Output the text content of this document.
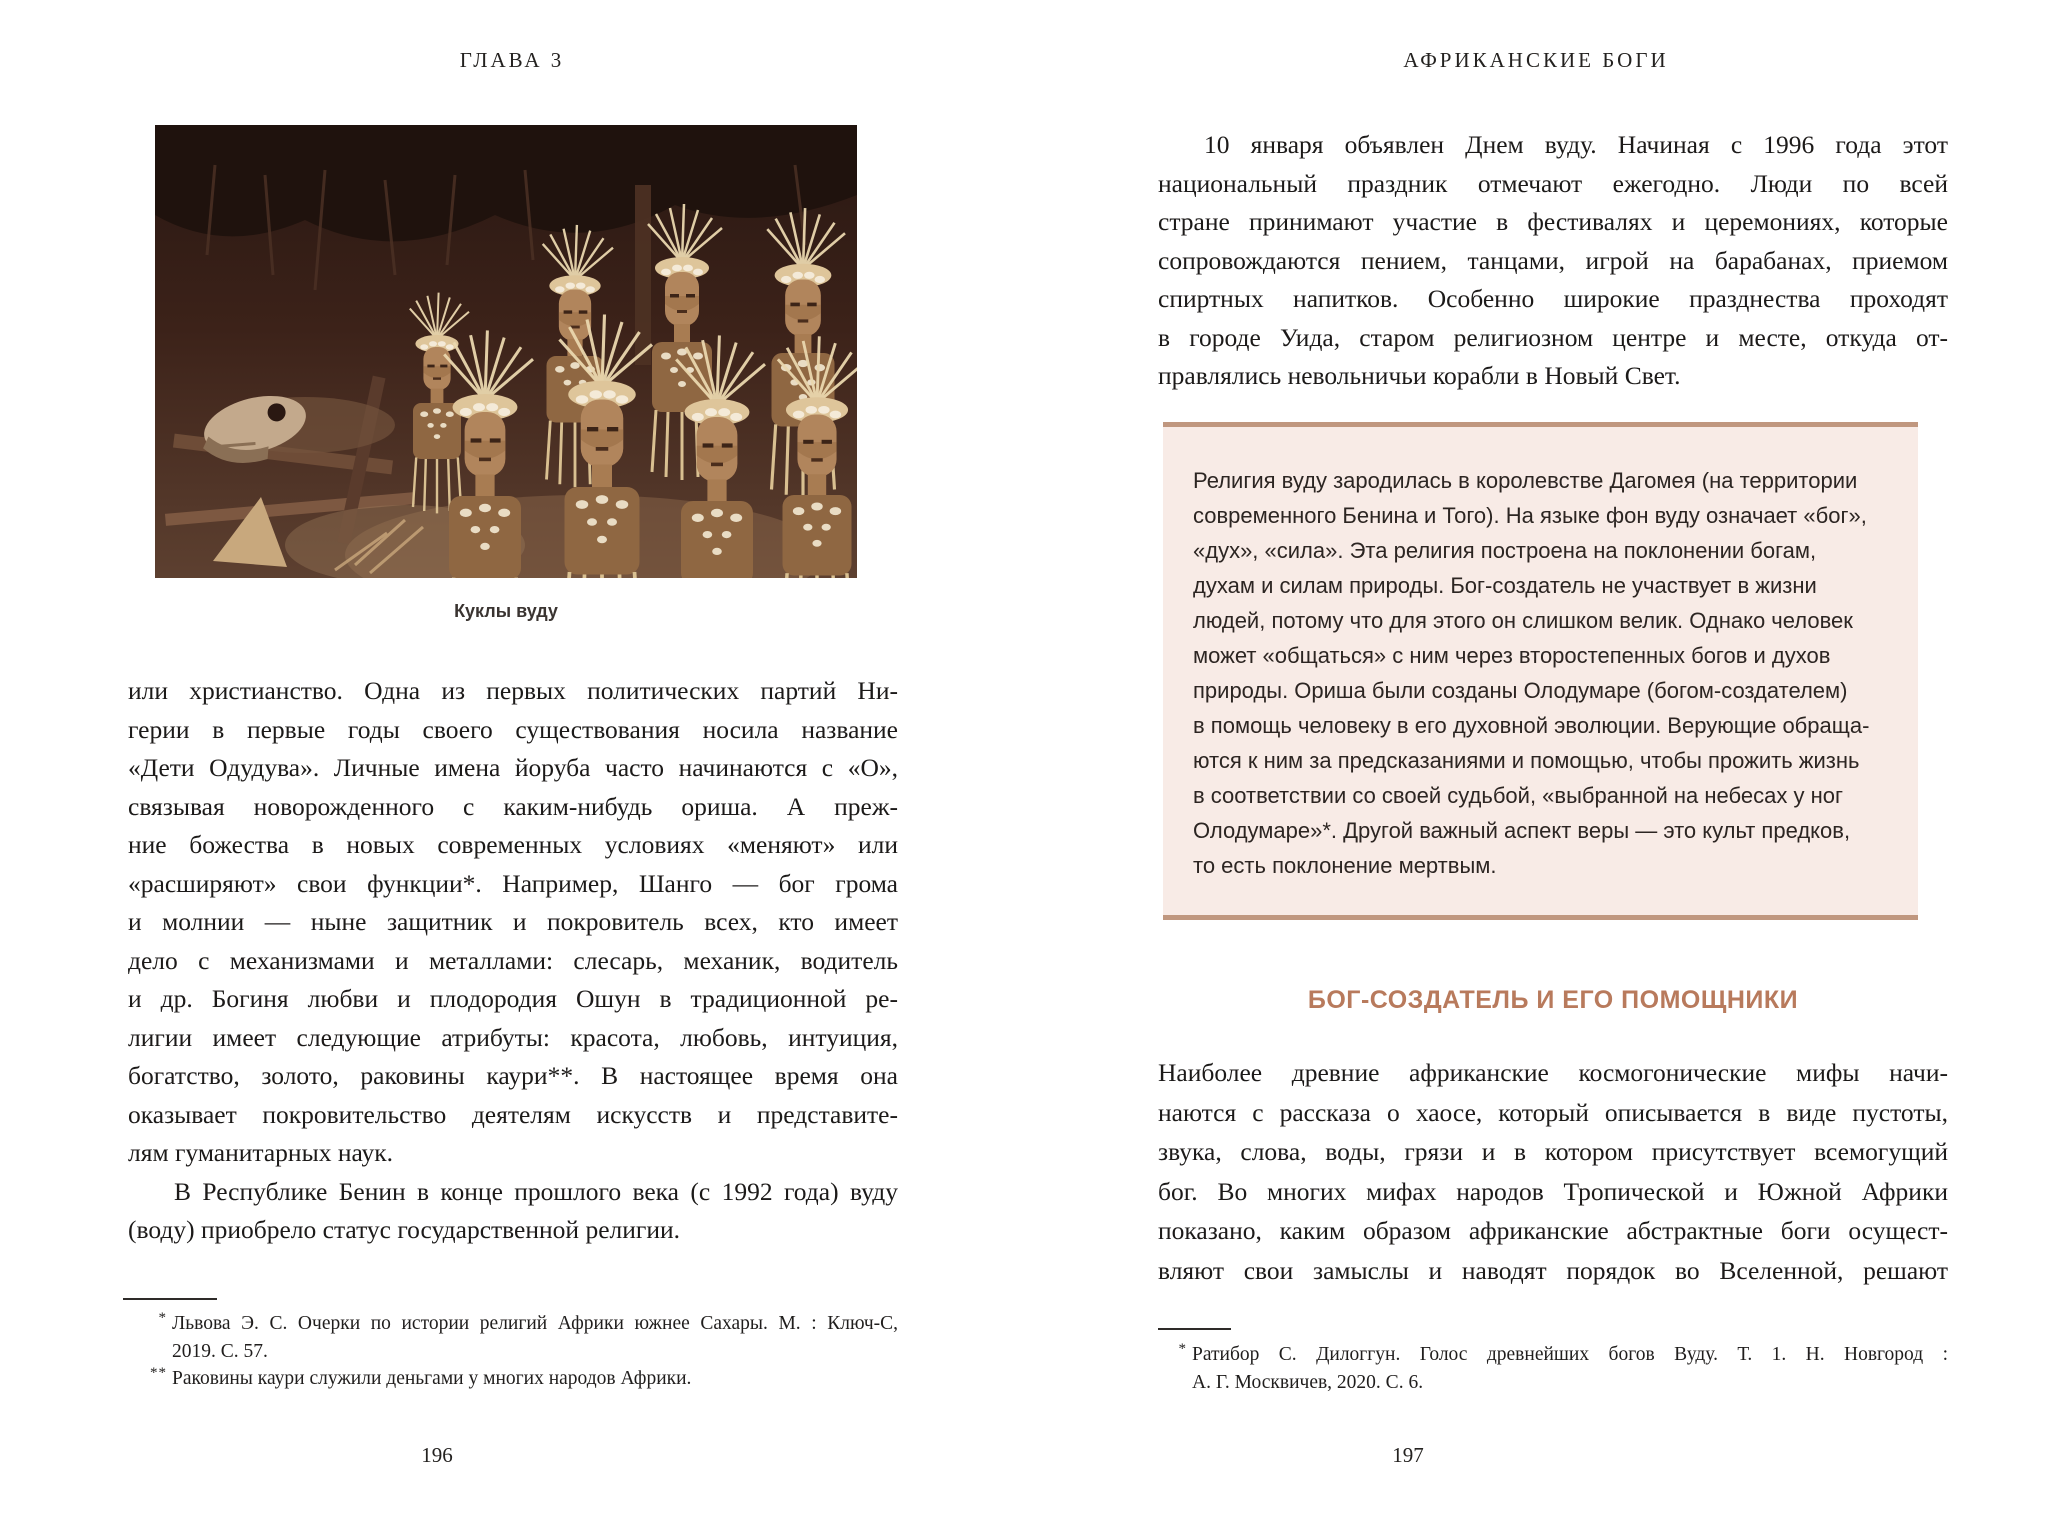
ГЛАВА 3
Куклы вуду
или христианство. Одна из первых политических партий Ни-
герии в первые годы своего существования носила название
«Дети Одудува». Личные имена йоруба часто начинаются с «О»,
связывая новорожденного с каким-нибудь ориша. А преж-
ние божества в новых современных условиях «меняют» или
«расширяют» свои функции*. Например, Шанго — бог грома
и молнии — ныне защитник и покровитель всех, кто имеет
дело с механизмами и металлами: слесарь, механик, водитель
и др. Богиня любви и плодородия Ошун в традиционной ре-
лигии имеет следующие атрибуты: красота, любовь, интуиция,
богатство, золото, раковины каури**. В настоящее время она
оказывает покровительство деятелям искусств и представите-
лям гуманитарных наук.
В Республике Бенин в конце прошлого века (с 1992 года) вуду
(воду) приобрело статус государственной религии.
* Львова Э. С. Очерки по истории религий Африки южнее Сахары. М. : Ключ-С,
2019. С. 57.
** Раковины каури служили деньгами у многих народов Африки.
196
АФРИКАНСКИЕ БОГИ
10 января объявлен Днем вуду. Начиная с 1996 года этот
национальный праздник отмечают ежегодно. Люди по всей
стране принимают участие в фестивалях и церемониях, которые
сопровождаются пением, танцами, игрой на барабанах, приемом
спиртных напитков. Особенно широкие празднества проходят
в городе Уида, старом религиозном центре и месте, откуда от-
правлялись невольничьи корабли в Новый Свет.
Религия вуду зародилась в королевстве Дагомея (на территории
современного Бенина и Того). На языке фон вуду означает «бог»,
«дух», «сила». Эта религия построена на поклонении богам,
духам и силам природы. Бог-создатель не участвует в жизни
людей, потому что для этого он слишком велик. Однако человек
может «общаться» с ним через второстепенных богов и духов
природы. Ориша были созданы Олодумаре (богом-создателем)
в помощь человеку в его духовной эволюции. Верующие обраща-
ются к ним за предсказаниями и помощью, чтобы прожить жизнь
в соответствии со своей судьбой, «выбранной на небесах у ног
Олодумаре»*. Другой важный аспект веры — это культ предков,
то есть поклонение мертвым.
БОГ-СОЗДАТЕЛЬ И ЕГО ПОМОЩНИКИ
Наиболее древние африканские космогонические мифы начи-
наются с рассказа о хаосе, который описывается в виде пустоты,
звука, слова, воды, грязи и в котором присутствует всемогущий
бог. Во многих мифах народов Тропической и Южной Африки
показано, каким образом африканские абстрактные боги осущест-
вляют свои замыслы и наводят порядок во Вселенной, решают
* Ратибор С. Дилоггун. Голос древнейших богов Вуду. Т. 1. Н. Новгород :
А. Г. Москвичев, 2020. С. 6.
197
